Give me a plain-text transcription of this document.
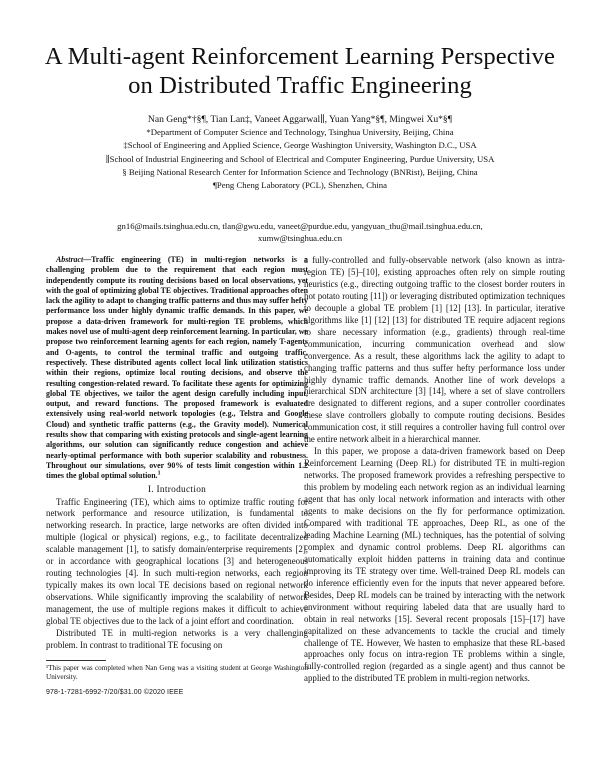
A Multi-agent Reinforcement Learning Perspective
on Distributed Traffic Engineering
Nan Geng*†§¶, Tian Lan‡, Vaneet Aggarwal∥, Yuan Yang*§¶, Mingwei Xu*§¶
*Department of Computer Science and Technology, Tsinghua University, Beijing, China
‡School of Engineering and Applied Science, George Washington University, Washington D.C., USA
∥School of Industrial Engineering and School of Electrical and Computer Engineering, Purdue University, USA
§ Beijing National Research Center for Information Science and Technology (BNRist), Beijing, China
¶Peng Cheng Laboratory (PCL), Shenzhen, China
gn16@mails.tsinghua.edu.cn, tlan@gwu.edu, vaneet@purdue.edu, yangyuan_thu@mail.tsinghua.edu.cn,
xumw@tsinghua.edu.cn

Abstract—Traffic engineering (TE) in multi-region networks is a challenging problem due to the requirement that each region must independently compute its routing decisions based on local observations, yet with the goal of optimizing global TE objectives. Traditional approaches often lack the agility to adapt to changing traffic patterns and thus may suffer hefty performance loss under highly dynamic traffic demands. In this paper, we propose a data-driven framework for multi-region TE problems, which makes novel use of multi-agent deep reinforcement learning. In particular, we propose two reinforcement learning agents for each region, namely T-agents and O-agents, to control the terminal traffic and outgoing traffic, respectively. These distributed agents collect local link utilization statistics within their regions, optimize local routing decisions, and observe the resulting congestion-related reward. To facilitate these agents for optimizing global TE objectives, we tailor the agent design carefully including input, output, and reward functions. The proposed framework is evaluated extensively using real-world network topologies (e.g., Telstra and Google Cloud) and synthetic traffic patterns (e.g., the Gravity model). Numerical results show that comparing with existing protocols and single-agent learning algorithms, our solution can significantly reduce congestion and achieve nearly-optimal performance with both superior scalability and robustness. Throughout our simulations, over 90% of tests limit congestion within 1.2 times the global optimal solution.$^1$

I. Introduction

Traffic Engineering (TE), which aims to optimize traffic routing for network performance and resource utilization, is fundamental to networking research. In practice, large networks are often divided into multiple (logical or physical) regions, e.g., to facilitate decentralized scalable management [1], to satisfy domain/enterprise requirements [2], or in accordance with geographical locations [3] and heterogeneous routing technologies [4]. In such multi-region networks, each region typically makes its own local TE decisions based on regional network observations. While significantly improving the scalability of network management, the use of multiple regions makes it difficult to achieve global TE objectives due to the lack of a joint effort and coordination.

Distributed TE in multi-region networks is a very challenging problem. In contrast to traditional TE focusing on

¹This paper was completed when Nan Geng was a visiting student at George Washington University.

978-1-7281-6992-7/20/$31.00 ©2020 IEEE

a fully-controlled and fully-observable network (also known as intra-region TE) [5]–[10], existing approaches often rely on simple routing heuristics (e.g., directing outgoing traffic to the closest border routers in hot potato routing [11]) or leveraging distributed optimization techniques to decouple a global TE problem [1] [12] [13]. In particular, iterative algorithms like [1] [12] [13] for distributed TE require adjacent regions to share necessary information (e.g., gradients) through real-time communication, incurring communication overhead and slow convergence. As a result, these algorithms lack the agility to adapt to changing traffic patterns and thus suffer hefty performance loss under highly dynamic traffic demands. Another line of work develops a hierarchical SDN architecture [3] [14], where a set of slave controllers are designated to different regions, and a super controller coordinates these slave controllers globally to compute routing decisions. Besides communication cost, it still requires a controller having full control over the entire network albeit in a hierarchical manner.

In this paper, we propose a data-driven framework based on Deep Reinforcement Learning (Deep RL) for distributed TE in multi-region networks. The proposed framework provides a refreshing perspective to this problem by modeling each network region as an individual learning agent that has only local network information and interacts with other agents to make decisions on the fly for performance optimization. Compared with traditional TE approaches, Deep RL, as one of the leading Machine Learning (ML) techniques, has the potential of solving complex and dynamic control problems. Deep RL algorithms can automatically exploit hidden patterns in training data and continue improving its TE strategy over time. Well-trained Deep RL models can do inference efficiently even for the inputs that never appeared before. Besides, Deep RL models can be trained by interacting with the network environment without requiring labeled data that are usually hard to obtain in real networks [15]. Several recent proposals [15]–[17] have capitalized on these advancements to tackle the crucial and timely challenge of TE. However, We hasten to emphasize that these RL-based approaches only focus on intra-region TE problems within a single, fully-controlled region (regarded as a single agent) and thus cannot be applied to the distributed TE problem in multi-region networks.
